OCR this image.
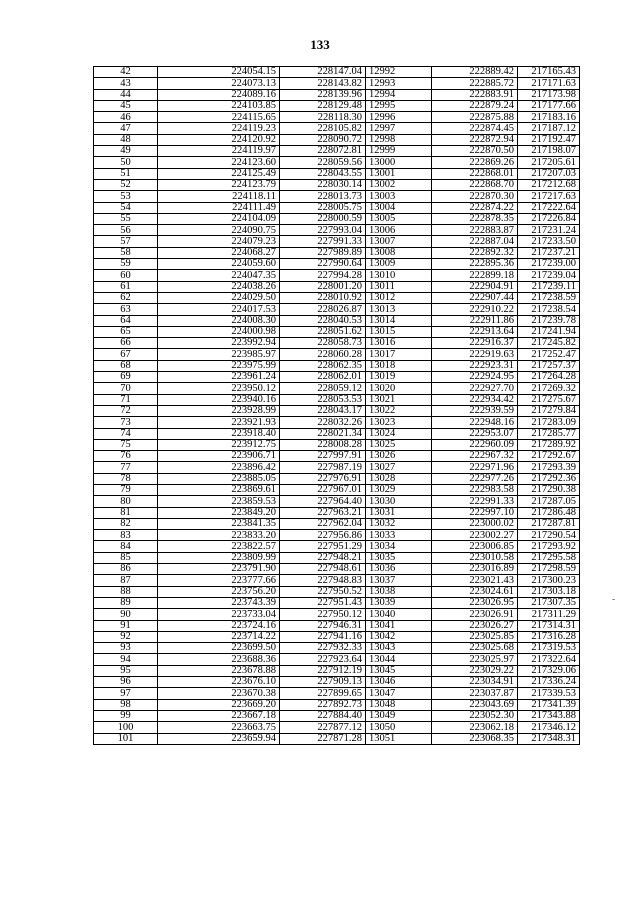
133
42	224054.15	228147.04	12992	222889.42	217165.43
43	224073.13	228143.82	12993	222885.72	217171.63
44	224089.16	228139.96	12994	222883.91	217173.98
45	224103.85	228129.48	12995	222879.24	217177.66
46	224115.65	228118.30	12996	222875.88	217183.16
47	224119.23	228105.82	12997	222874.45	217187.12
48	224120.92	228090.72	12998	222872.94	217192.47
49	224119.97	228072.81	12999	222870.50	217198.07
50	224123.60	228059.56	13000	222869.26	217205.61
51	224125.49	228043.55	13001	222868.01	217207.03
52	224123.79	228030.14	13002	222868.70	217212.68
53	224118.11	228013.73	13003	222870.30	217217.63
54	224111.49	228005.75	13004	222874.22	217222.64
55	224104.09	228000.59	13005	222878.35	217226.84
56	224090.75	227993.04	13006	222883.87	217231.24
57	224079.23	227991.33	13007	222887.04	217233.50
58	224068.27	227989.89	13008	222892.32	217237.21
59	224059.60	227990.64	13009	222895.36	217239.00
60	224047.35	227994.28	13010	222899.18	217239.04
61	224038.26	228001.20	13011	222904.91	217239.11
62	224029.50	228010.92	13012	222907.44	217238.59
63	224017.53	228026.87	13013	222910.22	217238.54
64	224008.30	228040.53	13014	222911.86	217239.78
65	224000.98	228051.62	13015	222913.64	217241.94
66	223992.94	228058.73	13016	222916.37	217245.82
67	223985.97	228060.28	13017	222919.63	217252.47
68	223975.99	228062.35	13018	222923.31	217257.37
69	223961.24	228062.01	13019	222924.95	217264.28
70	223950.12	228059.12	13020	222927.70	217269.32
71	223940.16	228053.53	13021	222934.42	217275.67
72	223928.99	228043.17	13022	222939.59	217279.84
73	223921.93	228032.26	13023	222948.16	217283.09
74	223918.40	228021.34	13024	222953.07	217285.77
75	223912.75	228008.28	13025	222960.09	217289.92
76	223906.71	227997.91	13026	222967.32	217292.67
77	223896.42	227987.19	13027	222971.96	217293.39
78	223885.05	227976.91	13028	222977.26	217292.36
79	223869.61	227967.01	13029	222983.58	217290.38
80	223859.53	227964.40	13030	222991.33	217287.05
81	223849.20	227963.21	13031	222997.10	217286.48
82	223841.35	227962.04	13032	223000.02	217287.81
83	223833.20	227956.86	13033	223002.27	217290.54
84	223822.57	227951.29	13034	223006.85	217293.92
85	223809.99	227948.21	13035	223010.58	217295.58
86	223791.90	227948.61	13036	223016.89	217298.59
87	223777.66	227948.83	13037	223021.43	217300.23
88	223756.20	227950.52	13038	223024.61	217303.18
89	223743.39	227951.43	13039	223026.95	217307.35
90	223733.04	227950.12	13040	223026.91	217311.29
91	223724.16	227946.31	13041	223026.27	217314.31
92	223714.22	227941.16	13042	223025.85	217316.28
93	223699.50	227932.33	13043	223025.68	217319.53
94	223688.36	227923.64	13044	223025.97	217322.64
95	223678.88	227912.19	13045	223029.22	217329.06
96	223676.10	227909.13	13046	223034.91	217336.24
97	223670.38	227899.65	13047	223037.87	217339.53
98	223669.20	227892.73	13048	223043.69	217341.39
99	223667.18	227884.40	13049	223052.30	217343.88
100	223663.75	227877.12	13050	223062.18	217346.12
101	223659.94	227871.28	13051	223068.35	217348.31
-
